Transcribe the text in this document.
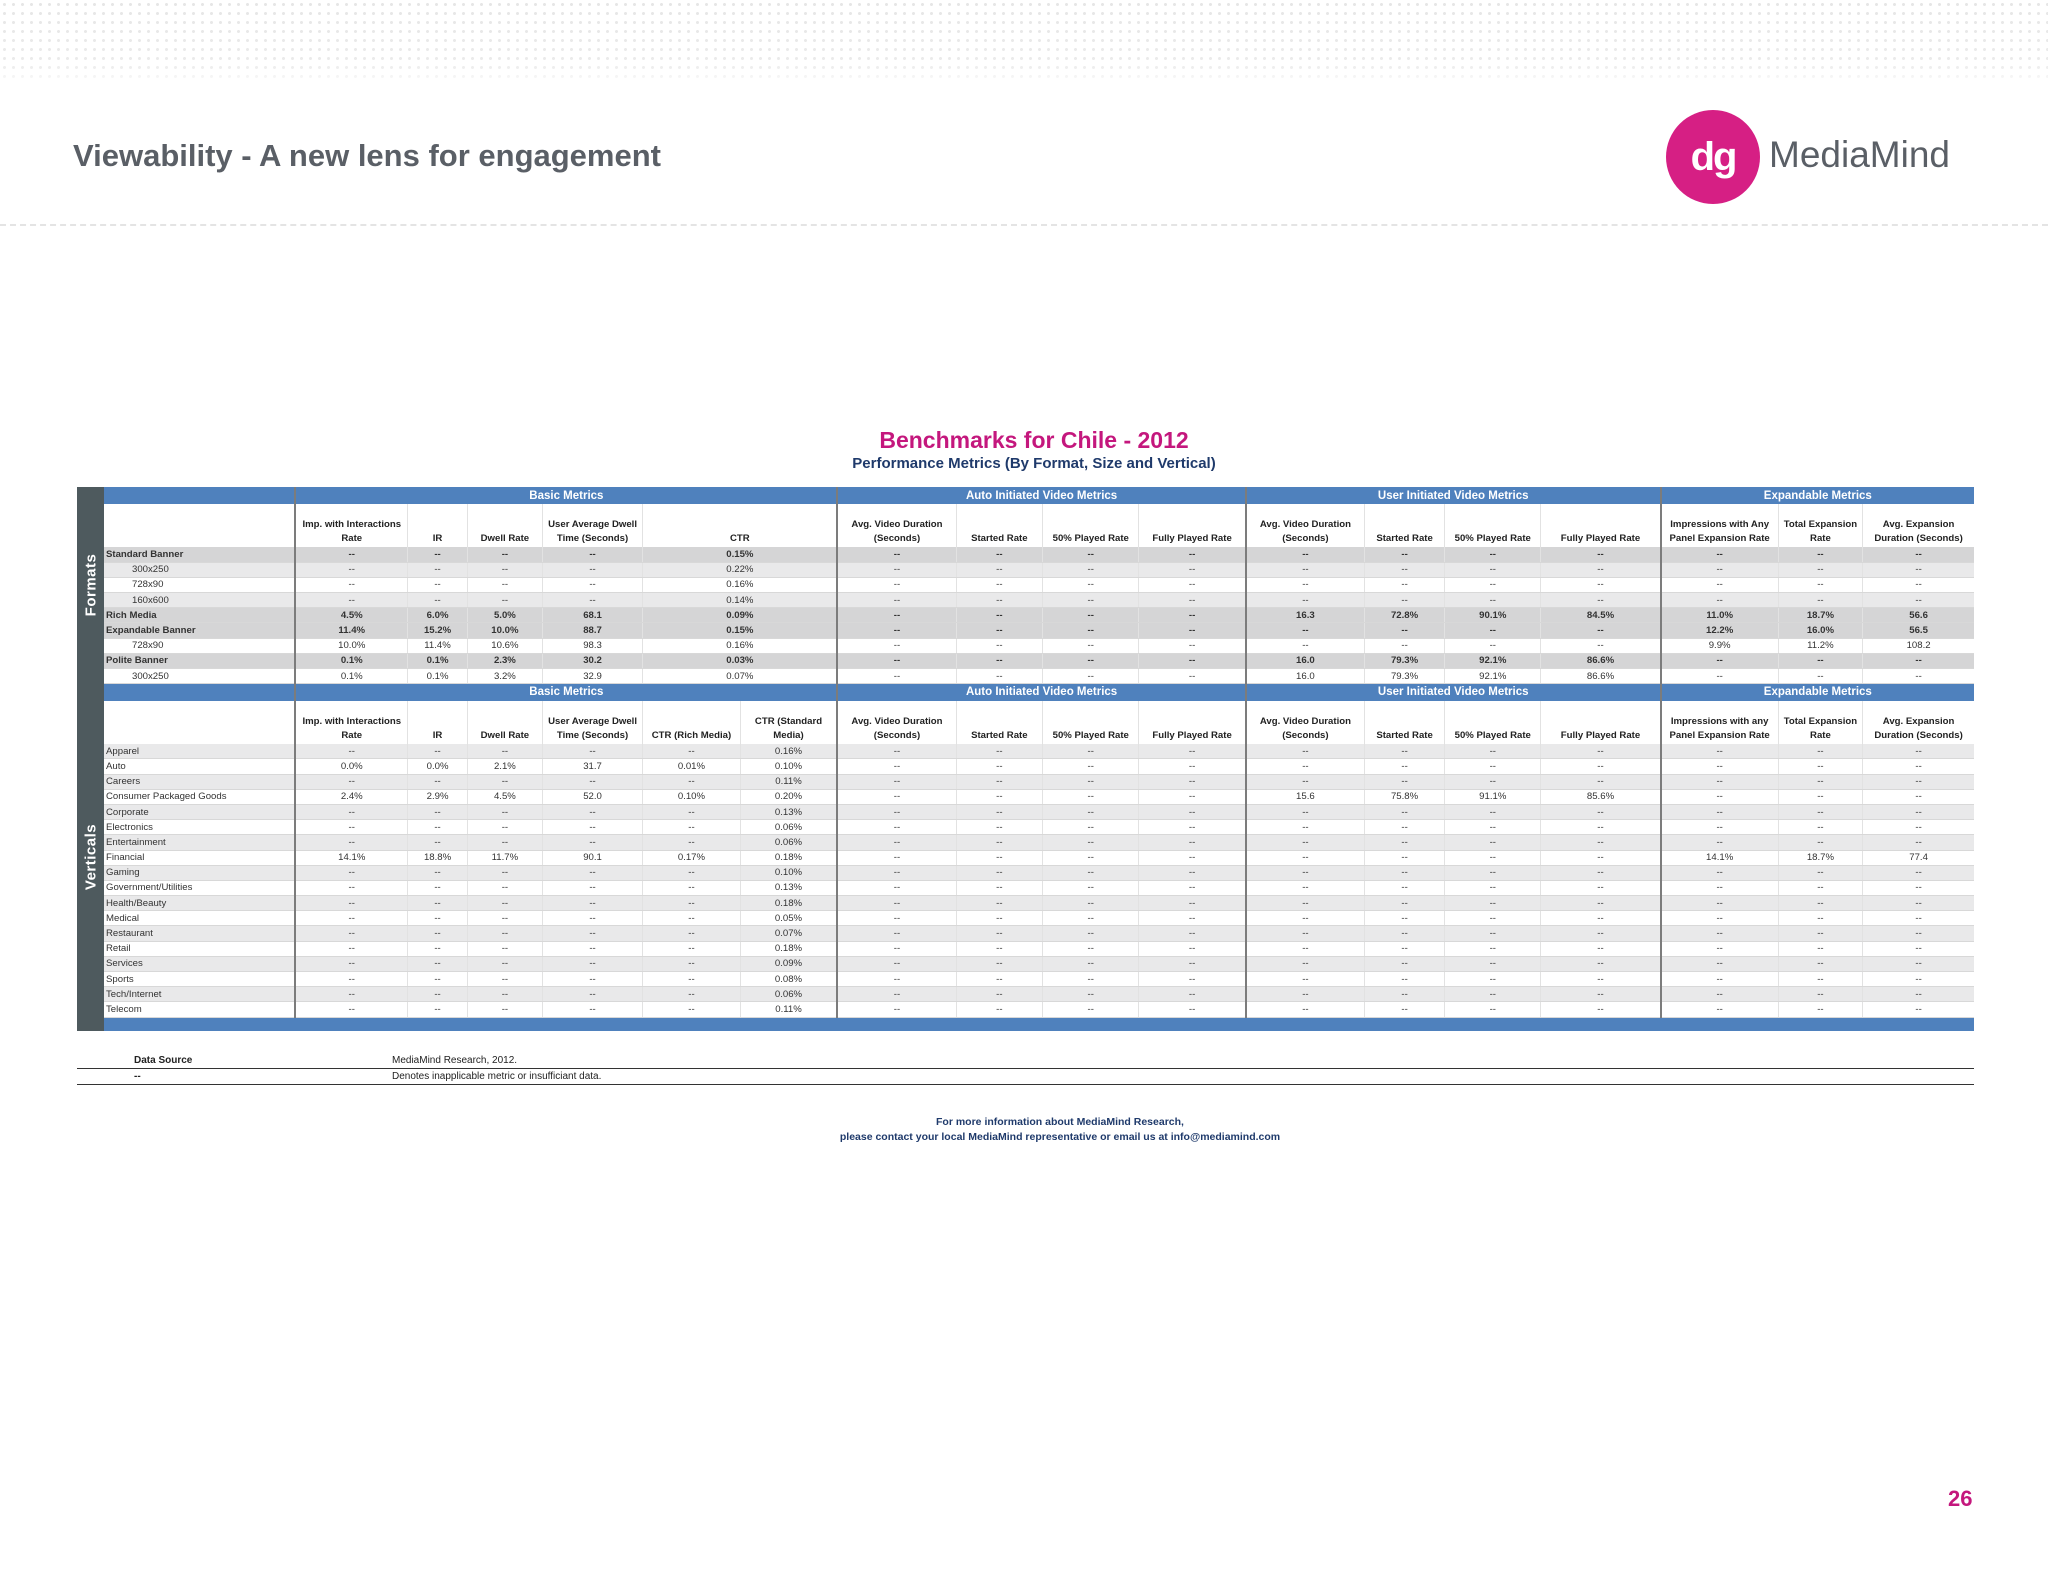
Viewability - A new lens for engagement	dg MediaMind
Benchmarks for Chile - 2012
Performance Metrics (By Format, Size and Vertical)
Formats
Verticals
	Basic Metrics						Auto Initiated Video Metrics				User Initiated Video Metrics				Expandable Metrics		
	Imp. with Interactions Rate	IR	Dwell Rate	User Average Dwell Time (Seconds)	CTR		Avg. Video Duration (Seconds)	Started Rate	50% Played Rate	Fully Played Rate	Avg. Video Duration (Seconds)	Started Rate	50% Played Rate	Fully Played Rate	Impressions with Any Panel Expansion Rate	Total Expansion Rate	Avg. Expansion Duration (Seconds)
Standard Banner	--	--	--	--	0.15%		--	--	--	--	--	--	--	--	--	--	--
300x250	--	--	--	--	0.22%		--	--	--	--	--	--	--	--	--	--	--
728x90	--	--	--	--	0.16%		--	--	--	--	--	--	--	--	--	--	--
160x600	--	--	--	--	0.14%		--	--	--	--	--	--	--	--	--	--	--
Rich Media	4.5%	6.0%	5.0%	68.1	0.09%		--	--	--	--	16.3	72.8%	90.1%	84.5%	11.0%	18.7%	56.6
Expandable Banner	11.4%	15.2%	10.0%	88.7	0.15%		--	--	--	--	--	--	--	--	12.2%	16.0%	56.5
728x90	10.0%	11.4%	10.6%	98.3	0.16%		--	--	--	--	--	--	--	--	9.9%	11.2%	108.2
Polite Banner	0.1%	0.1%	2.3%	30.2	0.03%		--	--	--	--	16.0	79.3%	92.1%	86.6%	--	--	--
300x250	0.1%	0.1%	3.2%	32.9	0.07%		--	--	--	--	16.0	79.3%	92.1%	86.6%	--	--	--
	Basic Metrics						Auto Initiated Video Metrics				User Initiated Video Metrics				Expandable Metrics		
	Imp. with Interactions Rate	IR	Dwell Rate	User Average Dwell Time (Seconds)	CTR (Rich Media)	CTR (Standard Media)	Avg. Video Duration (Seconds)	Started Rate	50% Played Rate	Fully Played Rate	Avg. Video Duration (Seconds)	Started Rate	50% Played Rate	Fully Played Rate	Impressions with any Panel Expansion Rate	Total Expansion Rate	Avg. Expansion Duration (Seconds)
Apparel	--	--	--	--	--	0.16%	--	--	--	--	--	--	--	--	--	--	--
Auto	0.0%	0.0%	2.1%	31.7	0.01%	0.10%	--	--	--	--	--	--	--	--	--	--	--
Careers	--	--	--	--	--	0.11%	--	--	--	--	--	--	--	--	--	--	--
Consumer Packaged Goods	2.4%	2.9%	4.5%	52.0	0.10%	0.20%	--	--	--	--	15.6	75.8%	91.1%	85.6%	--	--	--
Corporate	--	--	--	--	--	0.13%	--	--	--	--	--	--	--	--	--	--	--
Electronics	--	--	--	--	--	0.06%	--	--	--	--	--	--	--	--	--	--	--
Entertainment	--	--	--	--	--	0.06%	--	--	--	--	--	--	--	--	--	--	--
Financial	14.1%	18.8%	11.7%	90.1	0.17%	0.18%	--	--	--	--	--	--	--	--	14.1%	18.7%	77.4
Gaming	--	--	--	--	--	0.10%	--	--	--	--	--	--	--	--	--	--	--
Government/Utilities	--	--	--	--	--	0.13%	--	--	--	--	--	--	--	--	--	--	--
Health/Beauty	--	--	--	--	--	0.18%	--	--	--	--	--	--	--	--	--	--	--
Medical	--	--	--	--	--	0.05%	--	--	--	--	--	--	--	--	--	--	--
Restaurant	--	--	--	--	--	0.07%	--	--	--	--	--	--	--	--	--	--	--
Retail	--	--	--	--	--	0.18%	--	--	--	--	--	--	--	--	--	--	--
Services	--	--	--	--	--	0.09%	--	--	--	--	--	--	--	--	--	--	--
Sports	--	--	--	--	--	0.08%	--	--	--	--	--	--	--	--	--	--	--
Tech/Internet	--	--	--	--	--	0.06%	--	--	--	--	--	--	--	--	--	--	--
Telecom	--	--	--	--	--	0.11%	--	--	--	--	--	--	--	--	--	--	--

Data Source	MediaMind Research, 2012.
--	Denotes inapplicable metric or insufficiant data.
For more information about MediaMind Research,
please contact your local MediaMind representative or email us at info@mediamind.com
26
